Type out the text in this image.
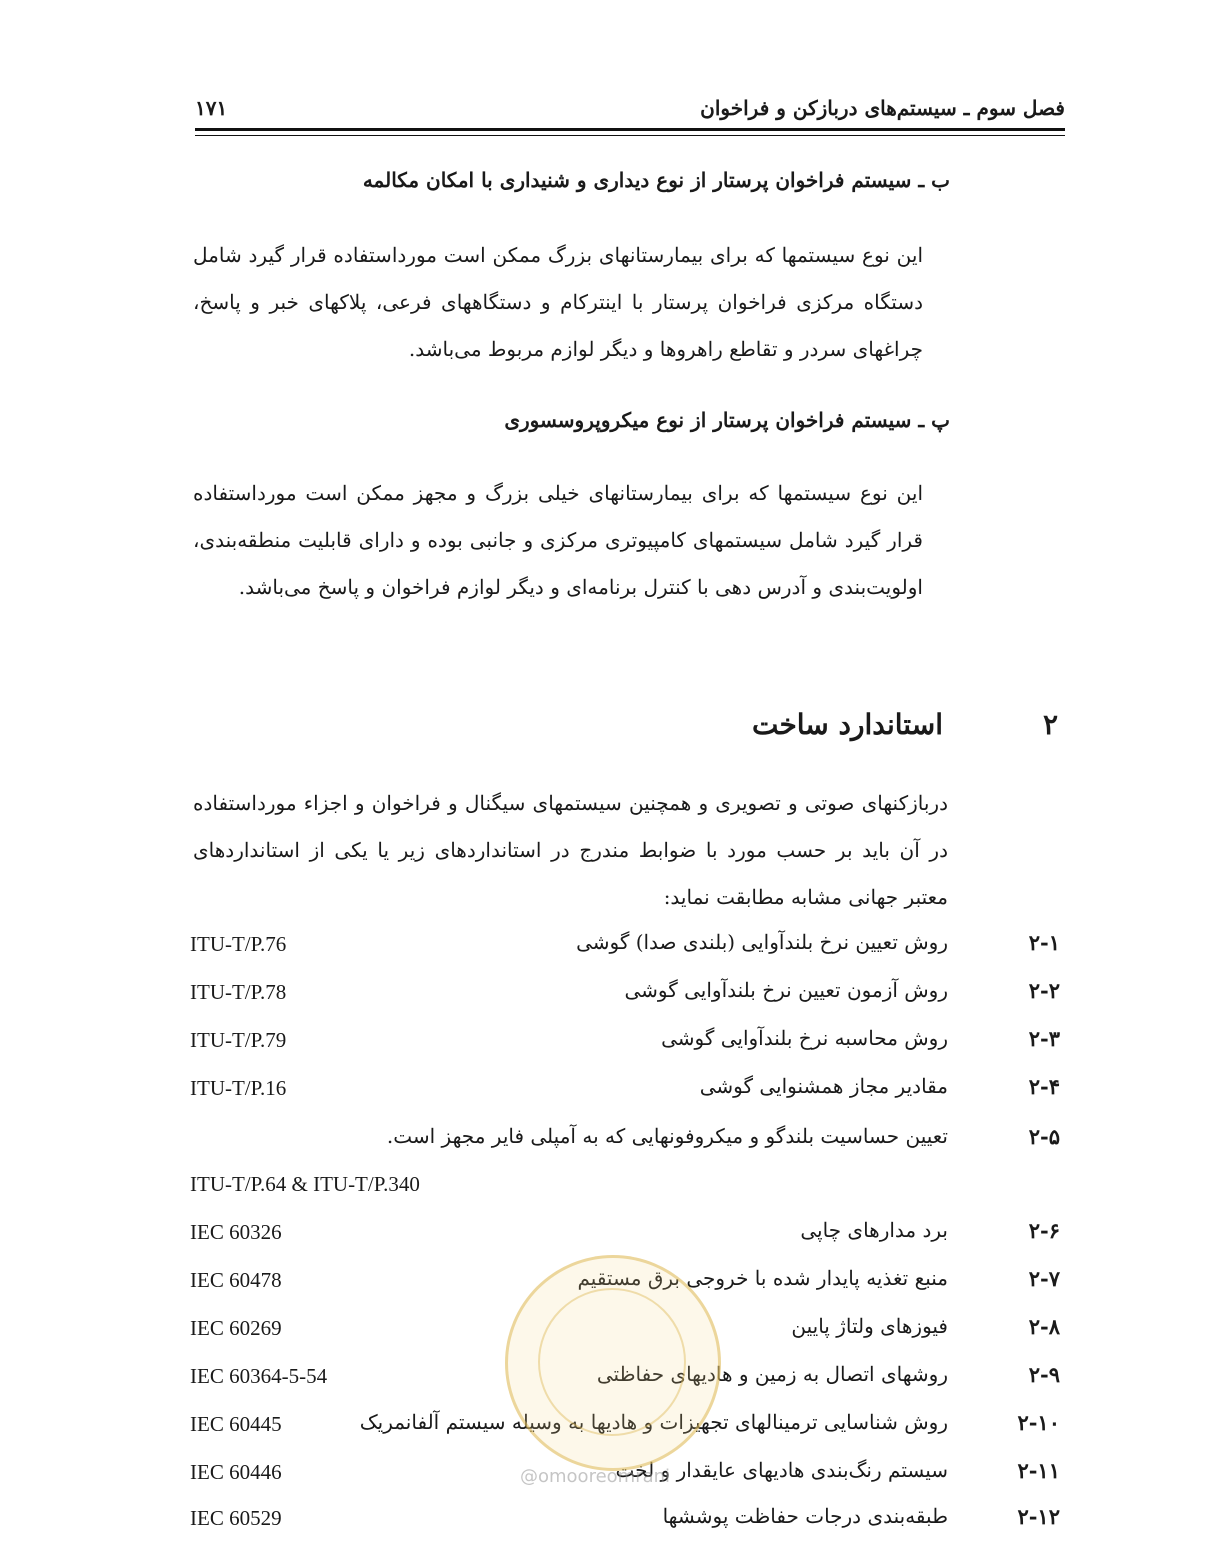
فصل سوم ـ سیستم‌های دربازکن و فراخوان
۱۷۱
ب ـ سیستم فراخوان پرستار از نوع دیداری و شنیداری با امکان مکالمه
این نوع سیستمها که برای بیمارستانهای بزرگ ممکن است مورداستفاده قرار گیرد شامل دستگاه مرکزی فراخوان پرستار با اینترکام و دستگاههای فرعی، پلاکهای خبر و پاسخ، چراغهای سردر و تقاطع راهروها و دیگر لوازم مربوط می‌باشد.
پ ـ سیستم فراخوان پرستار از نوع میکروپروسسوری
این نوع سیستمها که برای بیمارستانهای خیلی بزرگ و مجهز ممکن است مورداستفاده قرار گیرد شامل سیستمهای کامپیوتری مرکزی و جانبی بوده و دارای قابلیت منطقه‌بندی، اولویت‌بندی و آدرس دهی با کنترل برنامه‌ای و دیگر لوازم فراخوان و پاسخ می‌باشد.
۲
استاندارد ساخت
دربازکنهای صوتی و تصویری و همچنین سیستمهای سیگنال و فراخوان و اجزاء مورداستفاده در آن باید بر حسب مورد با ضوابط مندرج در استانداردهای زیر یا یکی از استانداردهای معتبر جهانی مشابه مطابقت نماید:
۲-۱
روش تعیین نرخ بلندآوایی (بلندی صدا) گوشی
ITU-T/P.76
۲-۲
روش آزمون تعیین نرخ بلندآوایی گوشی
ITU-T/P.78
۲-۳
روش محاسبه نرخ بلندآوایی گوشی
ITU-T/P.79
۲-۴
مقادیر مجاز همشنوایی گوشی
ITU-T/P.16
۲-۵
تعیین حساسیت بلندگو و میکروفونهایی که به آمپلی فایر مجهز است.
ITU-T/P.64 & ITU-T/P.340
۲-۶
برد مدارهای چاپی
IEC 60326
۲-۷
منبع تغذیه پایدار شده با خروجی برق مستقیم
IEC 60478
۲-۸
فیوزهای ولتاژ پایین
IEC 60269
۲-۹
روشهای اتصال به زمین و هادیهای حفاظتی
IEC 60364-5-54
۲-۱۰
روش شناسایی ترمینالهای تجهیزات و هادیها به وسیله سیستم آلفانمریک
IEC 60445
۲-۱۱
سیستم رنگ‌بندی هادیهای عایقدار و لخت
IEC 60446
۲-۱۲
طبقه‌بندی درجات حفاظت پوششها
IEC 60529
@omooreomrani
